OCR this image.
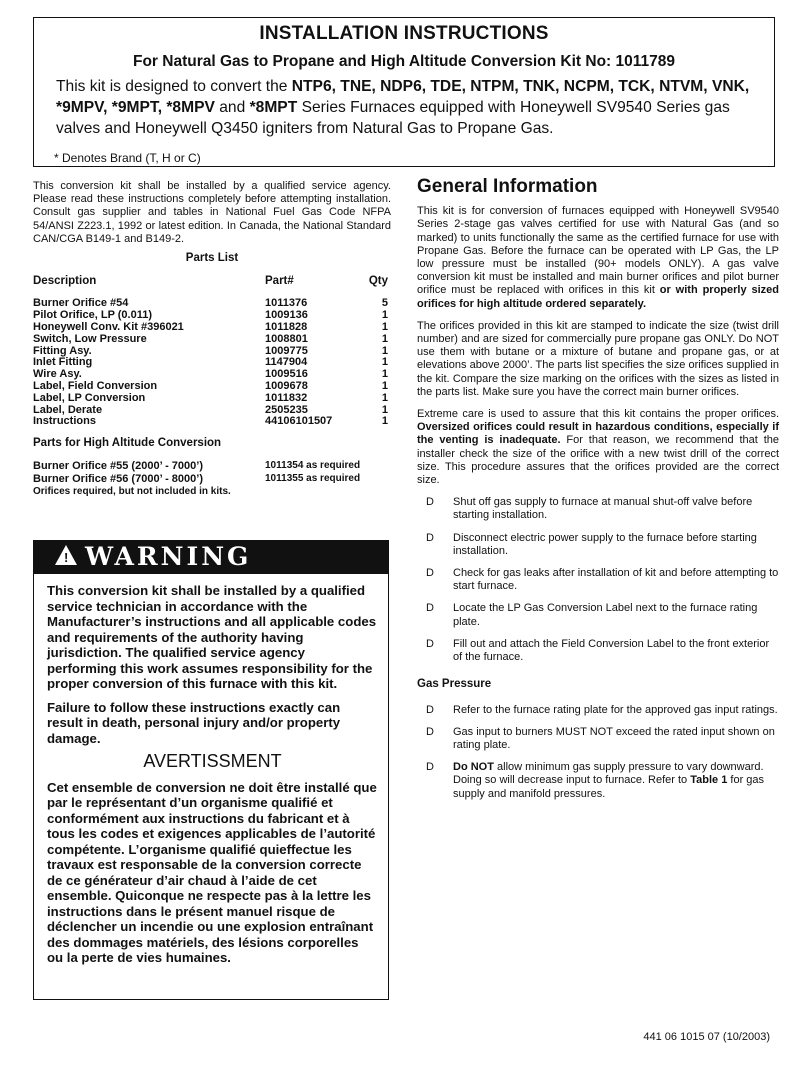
INSTALLATION INSTRUCTIONS
For Natural Gas to Propane and High Altitude Conversion Kit No: 1011789
This kit is designed to convert the NTP6, TNE, NDP6, TDE, NTPM, TNK, NCPM, TCK, NTVM, VNK, *9MPV, *9MPT, *8MPV and *8MPT Series Furnaces equipped with Honeywell SV9540 Series gas valves and Honeywell Q3450 igniters from Natural Gas to Propane Gas.
* Denotes Brand (T, H or C)
This conversion kit shall be installed by a qualified service agency. Please read these instructions completely before attempting installation. Consult gas supplier and tables in National Fuel Gas Code NFPA 54/ANSI Z223.1, 1992 or latest edition. In Canada, the National Standard CAN/CGA B149-1 and B149-2.
Parts List
Description	Part#	Qty
Burner Orifice #54	1011376	5
Pilot Orifice, LP (0.011)	1009136	1
Honeywell Conv. Kit #396021	1011828	1
Switch, Low Pressure	1008801	1
Fitting Asy.	1009775	1
Inlet Fitting	1147904	1
Wire Asy.	1009516	1
Label, Field Conversion	1009678	1
Label, LP Conversion	1011832	1
Label, Derate	2505235	1
Instructions	44106101507	1
Parts for High Altitude Conversion
Burner Orifice #55 (2000’ - 7000’)	1011354 as required
Burner Orifice #56 (7000’ - 8000’)	1011355 as required
Orifices required, but not included in kits.
! WARNING

This conversion kit shall be installed by a qualified service technician in accordance with the Manufacturer’s instructions and all applicable codes and requirements of the authority having jurisdiction. The qualified service agency performing this work assumes responsibility for the proper conversion of this furnace with this kit.

Failure to follow these instructions exactly can result in death, personal injury and/or property damage.

AVERTISSMENT

Cet ensemble de conversion ne doit être installé que par le représentant d’un organisme qualifié et conformément aux instructions du fabricant et à tous les codes et exigences applicables de l’autorité compétente. L’organisme qualifié quieffectue les travaux est responsable de la conversion correcte de ce générateur d’air chaud à l’aide de cet ensemble. Quiconque ne respecte pas à la lettre les instructions dans le présent manuel risque de déclencher un incendie ou une explosion entraînant des dommages matériels, des lésions corporelles ou la perte de vies humaines.

General Information

This kit is for conversion of furnaces equipped with Honeywell SV9540 Series 2-stage gas valves certified for use with Natural Gas (and so marked) to units functionally the same as the certified furnace for use with Propane Gas. Before the furnace can be operated with LP Gas, the LP low pressure must be installed (90+ models ONLY). A gas valve conversion kit must be installed and main burner orifices and pilot burner orifice must be replaced with orifices in this kit or with properly sized orifices for high altitude ordered separately.

The orifices provided in this kit are stamped to indicate the size (twist drill number) and are sized for commercially pure propane gas ONLY. Do NOT use them with butane or a mixture of butane and propane gas, or at elevations above 2000’. The parts list specifies the size orifices supplied in the kit. Compare the size marking on the orifices with the sizes as listed in the parts list. Make sure you have the correct main burner orifices.

Extreme care is used to assure that this kit contains the proper orifices. Oversized orifices could result in hazardous conditions, especially if the venting is inadequate. For that reason, we recommend that the installer check the size of the orifice with a new twist drill of the correct size. This procedure assures that the orifices provided are the correct size.

D	Shut off gas supply to furnace at manual shut-off valve before starting installation.
D	Disconnect electric power supply to the furnace before starting installation.
D	Check for gas leaks after installation of kit and before attempting to start furnace.
D	Locate the LP Gas Conversion Label next to the furnace rating plate.
D	Fill out and attach the Field Conversion Label to the front exterior of the furnace.
Gas Pressure
D	Refer to the furnace rating plate for the approved gas input ratings.
D	Gas input to burners MUST NOT exceed the rated input shown on rating plate.
D	Do NOT allow minimum gas supply pressure to vary downward. Doing so will decrease input to furnace. Refer to Table 1 for gas supply and manifold pressures.
441 06 1015 07 (10/2003)
